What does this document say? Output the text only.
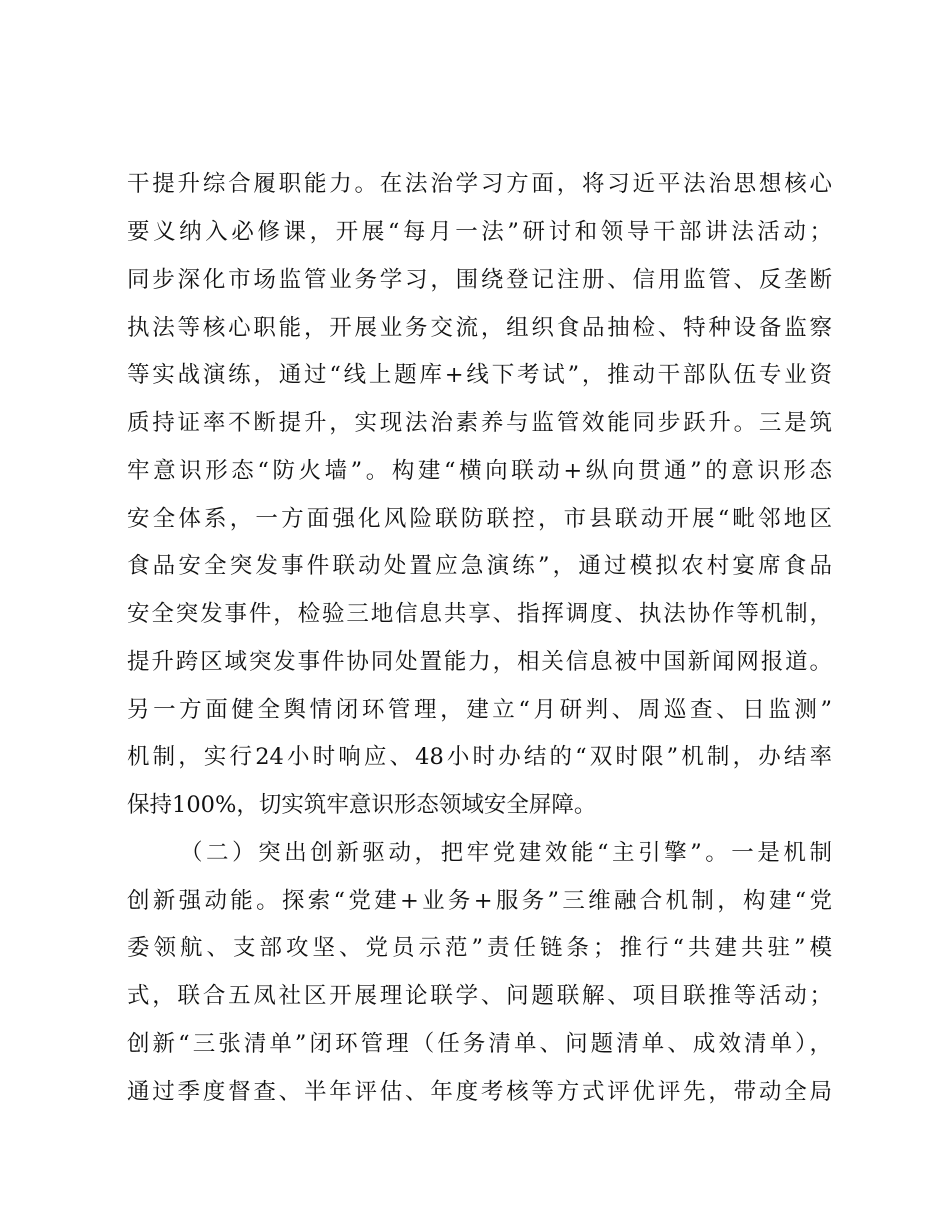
干提升综合履职能力。在法治学习方面，将习近平法治思想核心
要义纳入必修课，开展“每月一法”研讨和领导干部讲法活动；
同步深化市场监管业务学习，围绕登记注册、信用监管、反垄断
执法等核心职能，开展业务交流，组织食品抽检、特种设备监察
等实战演练，通过“线上题库+线下考试”，推动干部队伍专业资
质持证率不断提升，实现法治素养与监管效能同步跃升。三是筑
牢意识形态“防火墙”。构建“横向联动+纵向贯通”的意识形态
安全体系，一方面强化风险联防联控，市县联动开展“毗邻地区
食品安全突发事件联动处置应急演练”，通过模拟农村宴席食品
安全突发事件，检验三地信息共享、指挥调度、执法协作等机制，
提升跨区域突发事件协同处置能力，相关信息被中国新闻网报道。
另一方面健全舆情闭环管理，建立“月研判、周巡查、日监测”
机制，实行24小时响应、48小时办结的“双时限”机制，办结率
保持100%，切实筑牢意识形态领域安全屏障。
（二）突出创新驱动，把牢党建效能“主引擎”。一是机制
创新强动能。探索“党建+业务+服务”三维融合机制，构建“党
委领航、支部攻坚、党员示范”责任链条；推行“共建共驻”模
式，联合五凤社区开展理论联学、问题联解、项目联推等活动；
创新“三张清单”闭环管理（任务清单、问题清单、成效清单），
通过季度督查、半年评估、年度考核等方式评优评先，带动全局
